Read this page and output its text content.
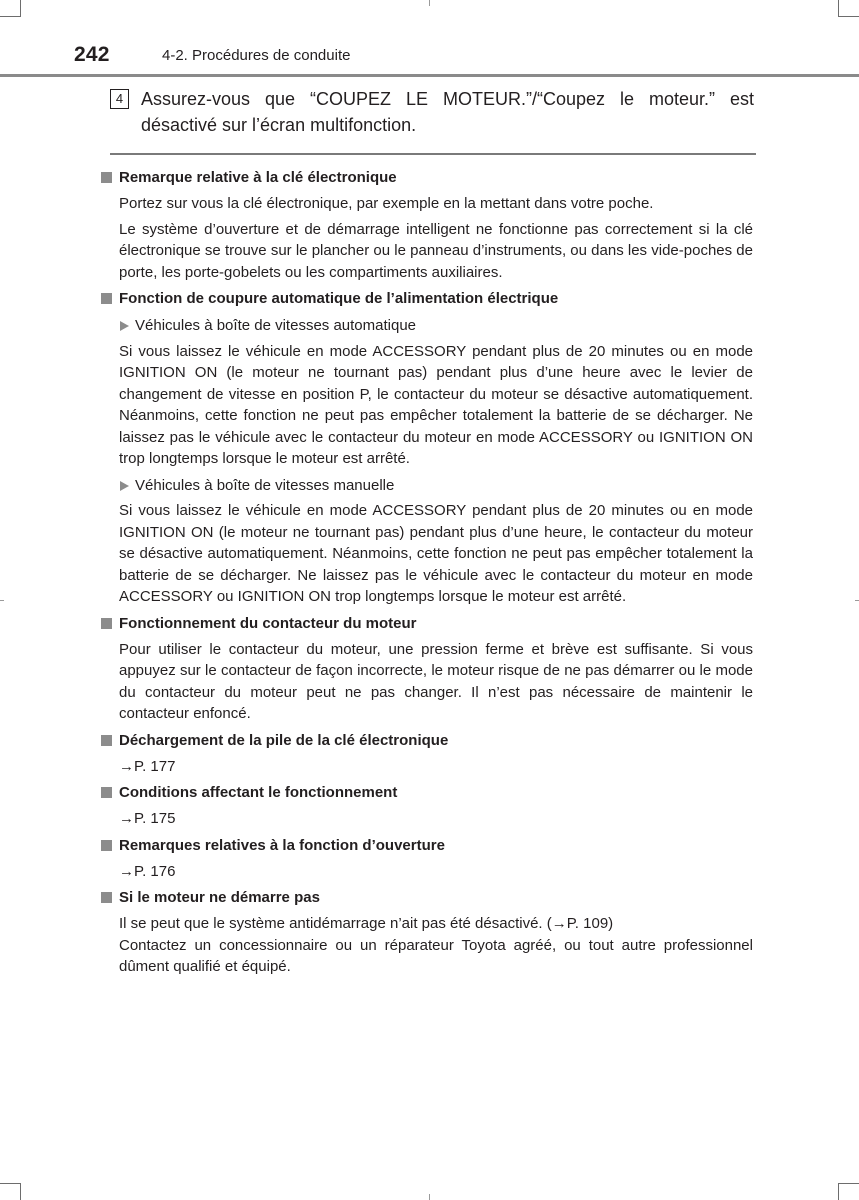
242	4-2. Procédures de conduite
4 Assurez-vous que “COUPEZ LE MOTEUR.”/“Coupez le moteur.” est
désactivé sur l’écran multifonction.
Remarque relative à la clé électronique
Portez sur vous la clé électronique, par exemple en la mettant dans votre poche.
Le système d’ouverture et de démarrage intelligent ne fonctionne pas correctement si la clé électronique se trouve sur le plancher ou le panneau d’instruments, ou dans les vide-poches de porte, les porte-gobelets ou les compartiments auxiliaires.
Fonction de coupure automatique de l’alimentation électrique
Véhicules à boîte de vitesses automatique
Si vous laissez le véhicule en mode ACCESSORY pendant plus de 20 minutes ou en mode IGNITION ON (le moteur ne tournant pas) pendant plus d’une heure avec le levier de changement de vitesse en position P, le contacteur du moteur se désactive automatiquement. Néanmoins, cette fonction ne peut pas empêcher totalement la batterie de se décharger. Ne laissez pas le véhicule avec le contacteur du moteur en mode ACCESSORY ou IGNITION ON trop longtemps lorsque le moteur est arrêté.
Véhicules à boîte de vitesses manuelle
Si vous laissez le véhicule en mode ACCESSORY pendant plus de 20 minutes ou en mode IGNITION ON (le moteur ne tournant pas) pendant plus d’une heure, le contacteur du moteur se désactive automatiquement. Néanmoins, cette fonction ne peut pas empêcher totalement la batterie de se décharger. Ne laissez pas le véhicule avec le contacteur du moteur en mode ACCESSORY ou IGNITION ON trop longtemps lorsque le moteur est arrêté.
Fonctionnement du contacteur du moteur
Pour utiliser le contacteur du moteur, une pression ferme et brève est suffisante. Si vous appuyez sur le contacteur de façon incorrecte, le moteur risque de ne pas démarrer ou le mode du contacteur du moteur peut ne pas changer. Il n’est pas nécessaire de maintenir le contacteur enfoncé.
Déchargement de la pile de la clé électronique
→P. 177
Conditions affectant le fonctionnement
→P. 175
Remarques relatives à la fonction d’ouverture
→P. 176
Si le moteur ne démarre pas
Il se peut que le système antidémarrage n’ait pas été désactivé. (→P. 109)
Contactez un concessionnaire ou un réparateur Toyota agréé, ou tout autre professionnel dûment qualifié et équipé.
